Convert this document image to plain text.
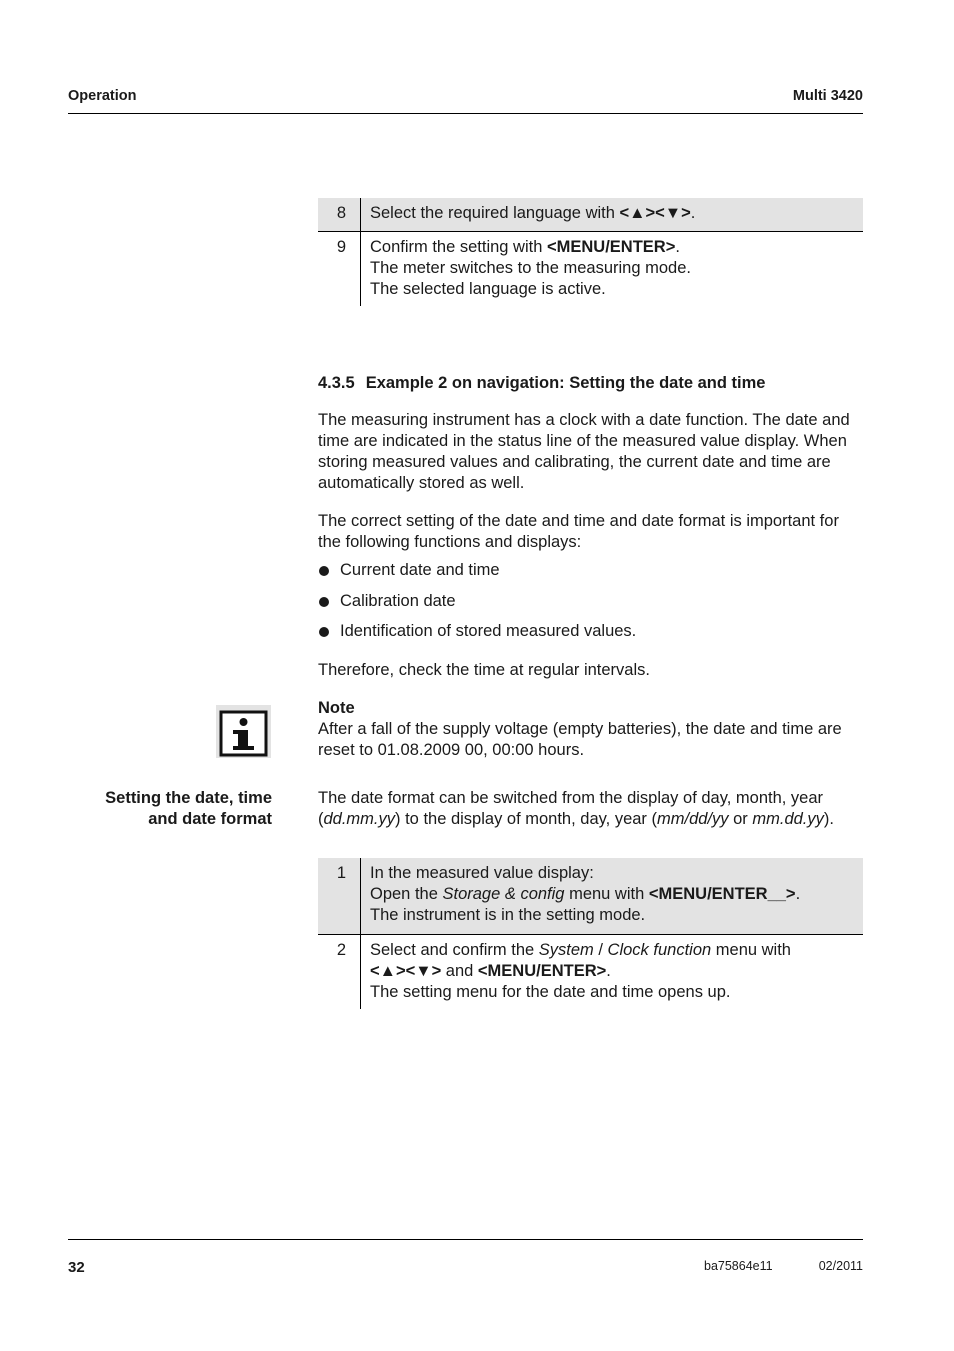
Operation	Multi 3420
8	Select the required language with <▲><▼>.
9	Confirm the setting with <MENU/ENTER>.
The meter switches to the measuring mode.
The selected language is active.
4.3.5 Example 2 on navigation: Setting the date and time
The measuring instrument has a clock with a date function. The date and time are indicated in the status line of the measured value display. When storing measured values and calibrating, the current date and time are automatically stored as well.
The correct setting of the date and time and date format is important for the following functions and displays:
Current date and time
Calibration date
Identification of stored measured values.
Therefore, check the time at regular intervals.
Note
After a fall of the supply voltage (empty batteries), the date and time are reset to 01.08.2009 00, 00:00 hours.
Setting the date, time
and date format
The date format can be switched from the display of day, month, year (dd.mm.yy) to the display of month, day, year (mm/dd/yy or mm.dd.yy).
1	In the measured value display:
Open the Storage & config menu with <MENU/ENTER__>.
The instrument is in the setting mode.
2	Select and confirm the System / Clock function menu with
<▲><▼> and <MENU/ENTER>.
The setting menu for the date and time opens up.
32	ba75864e11	02/2011
